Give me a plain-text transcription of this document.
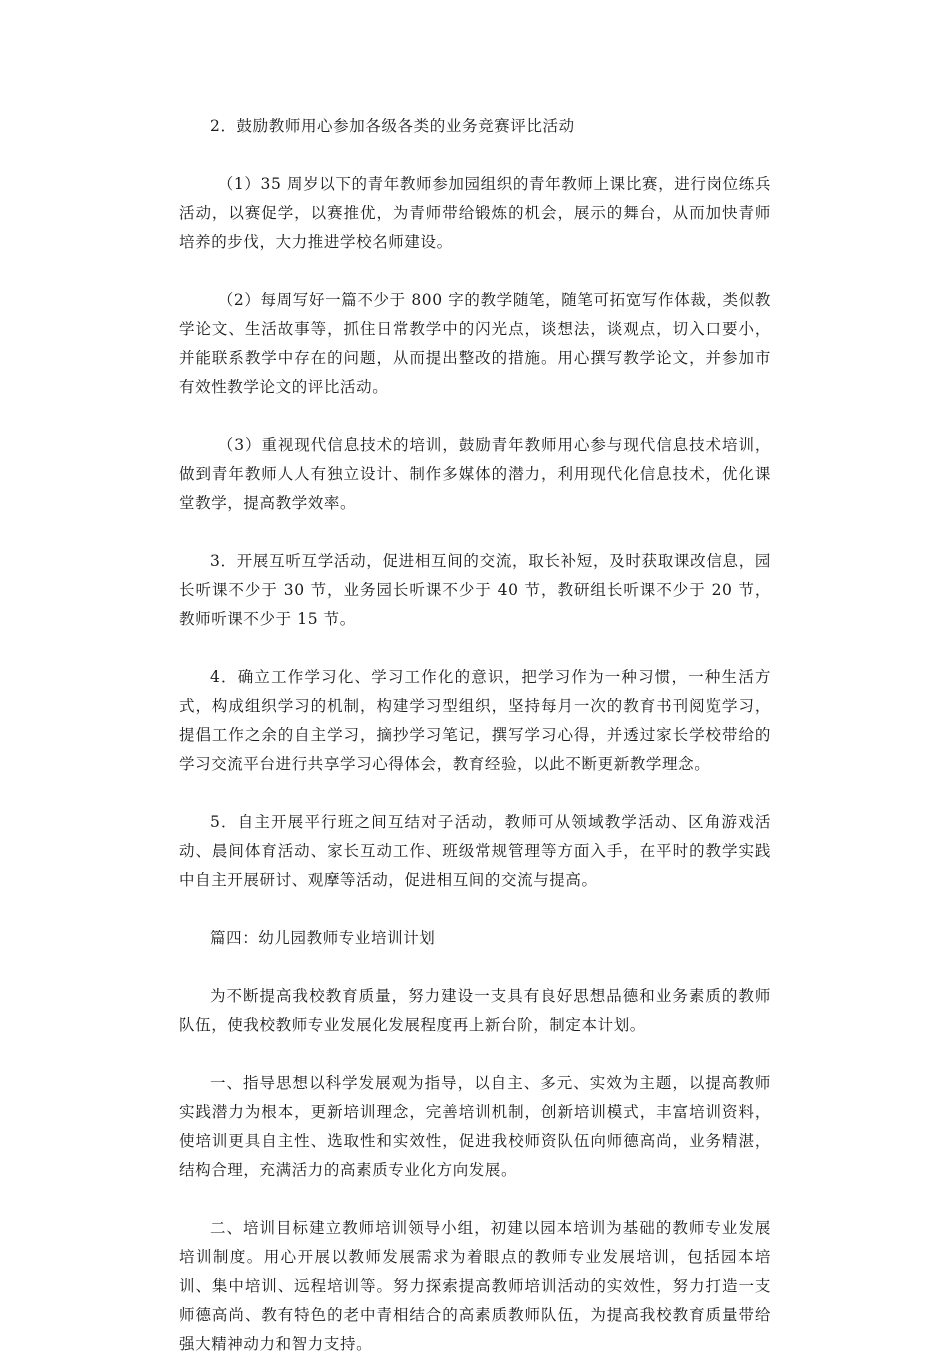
2．鼓励教师用心参加各级各类的业务竞赛评比活动

（1）35 周岁以下的青年教师参加园组织的青年教师上课比赛，进行岗位练兵活动，以赛促学，以赛推优，为青师带给锻炼的机会，展示的舞台，从而加快青师培养的步伐，大力推进学校名师建设。

（2）每周写好一篇不少于 800 字的教学随笔，随笔可拓宽写作体裁，类似教学论文、生活故事等，抓住日常教学中的闪光点，谈想法，谈观点，切入口要小，并能联系教学中存在的问题，从而提出整改的措施。用心撰写教学论文，并参加市有效性教学论文的评比活动。

（3）重视现代信息技术的培训，鼓励青年教师用心参与现代信息技术培训，做到青年教师人人有独立设计、制作多媒体的潜力，利用现代化信息技术，优化课堂教学，提高教学效率。

3．开展互听互学活动，促进相互间的交流，取长补短，及时获取课改信息，园长听课不少于 30 节，业务园长听课不少于 40 节，教研组长听课不少于 20 节，教师听课不少于 15 节。

4．确立工作学习化、学习工作化的意识，把学习作为一种习惯，一种生活方式，构成组织学习的机制，构建学习型组织，坚持每月一次的教育书刊阅览学习，提倡工作之余的自主学习，摘抄学习笔记，撰写学习心得，并透过家长学校带给的学习交流平台进行共享学习心得体会，教育经验，以此不断更新教学理念。

5．自主开展平行班之间互结对子活动，教师可从领域教学活动、区角游戏活动、晨间体育活动、家长互动工作、班级常规管理等方面入手，在平时的教学实践中自主开展研讨、观摩等活动，促进相互间的交流与提高。

篇四：幼儿园教师专业培训计划

为不断提高我校教育质量，努力建设一支具有良好思想品德和业务素质的教师队伍，使我校教师专业发展化发展程度再上新台阶，制定本计划。

一、指导思想以科学发展观为指导，以自主、多元、实效为主题，以提高教师实践潜力为根本，更新培训理念，完善培训机制，创新培训模式，丰富培训资料，使培训更具自主性、选取性和实效性，促进我校师资队伍向师德高尚，业务精湛，结构合理，充满活力的高素质专业化方向发展。

二、培训目标建立教师培训领导小组，初建以园本培训为基础的教师专业发展培训制度。用心开展以教师发展需求为着眼点的教师专业发展培训，包括园本培训、集中培训、远程培训等。努力探索提高教师培训活动的实效性，努力打造一支师德高尚、教有特色的老中青相结合的高素质教师队伍，为提高我校教育质量带给强大精神动力和智力支持。
